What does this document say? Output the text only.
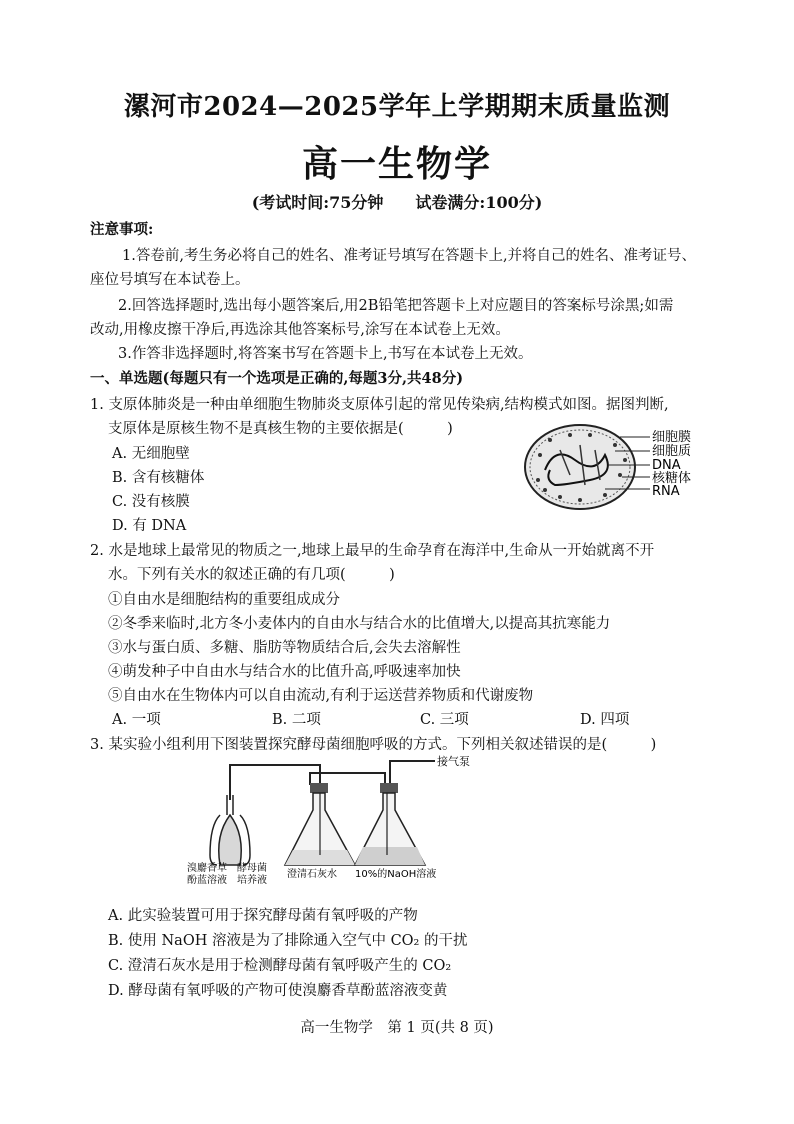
漯河市2024—2025学年上学期期末质量监测
高一生物学
(考试时间:75分钟　　试卷满分:100分)
注意事项:
1.答卷前,考生务必将自己的姓名、准考证号填写在答题卡上,并将自己的姓名、准考证号、
座位号填写在本试卷上。
2.回答选择题时,选出每小题答案后,用2B铅笔把答题卡上对应题目的答案标号涂黑;如需
改动,用橡皮擦干净后,再选涂其他答案标号,涂写在本试卷上无效。
3.作答非选择题时,将答案书写在答题卡上,书写在本试卷上无效。
一、单选题(每题只有一个选项是正确的,每题3分,共48分)
1. 支原体肺炎是一种由单细胞生物肺炎支原体引起的常见传染病,结构模式如图。据图判断,
支原体是原核生物不是真核生物的主要依据是(　　　)
A. 无细胞壁
B. 含有核糖体
C. 没有核膜
D. 有 DNA
细胞膜
细胞质
DNA
核糖体
RNA
2. 水是地球上最常见的物质之一,地球上最早的生命孕育在海洋中,生命从一开始就离不开
水。下列有关水的叙述正确的有几项(　　　)
①自由水是细胞结构的重要组成成分
②冬季来临时,北方冬小麦体内的自由水与结合水的比值增大,以提高其抗寒能力
③水与蛋白质、多糖、脂肪等物质结合后,会失去溶解性
④萌发种子中自由水与结合水的比值升高,呼吸速率加快
⑤自由水在生物体内可以自由流动,有利于运送营养物质和代谢废物
A. 一项	B. 二项	C. 三项	D. 四项
3. 某实验小组利用下图装置探究酵母菌细胞呼吸的方式。下列相关叙述错误的是(　　　)
接气泵
溴麝香草
酚蓝溶液
酵母菌
培养液
澄清石灰水 10%的NaOH溶液
A. 此实验装置可用于探究酵母菌有氧呼吸的产物
B. 使用 NaOH 溶液是为了排除通入空气中 CO₂ 的干扰
C. 澄清石灰水是用于检测酵母菌有氧呼吸产生的 CO₂
D. 酵母菌有氧呼吸的产物可使溴麝香草酚蓝溶液变黄
高一生物学　第 1 页(共 8 页)
